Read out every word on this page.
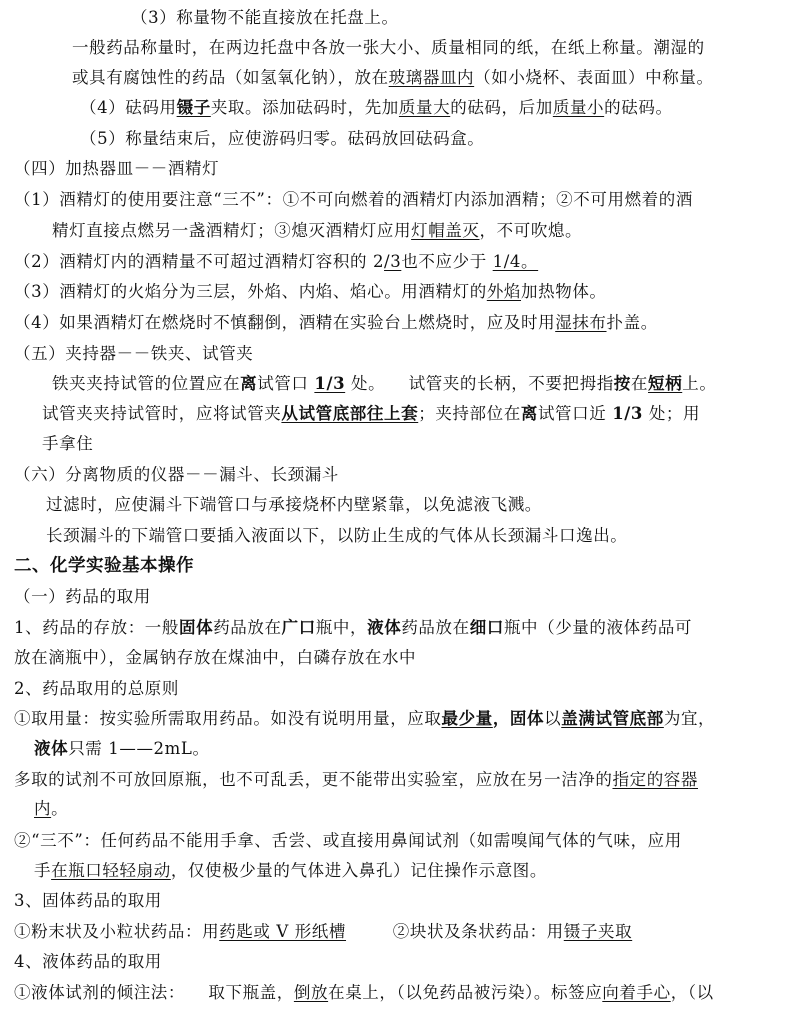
（3）称量物不能直接放在托盘上。
一般药品称量时，在两边托盘中各放一张大小、质量相同的纸，在纸上称量。潮湿的
或具有腐蚀性的药品（如氢氧化钠），放在玻璃器皿内（如小烧杯、表面皿）中称量。
（4）砝码用镊子夹取。添加砝码时，先加质量大的砝码，后加质量小的砝码。
（5）称量结束后，应使游码归零。砝码放回砝码盒。
（四）加热器皿－－酒精灯
（1）酒精灯的使用要注意“三不”：①不可向燃着的酒精灯内添加酒精；②不可用燃着的酒
精灯直接点燃另一盏酒精灯；③熄灭酒精灯应用灯帽盖灭，不可吹熄。
（2）酒精灯内的酒精量不可超过酒精灯容积的 2/3也不应少于 1/4。
（3）酒精灯的火焰分为三层，外焰、内焰、焰心。用酒精灯的外焰加热物体。
（4）如果酒精灯在燃烧时不慎翻倒，酒精在实验台上燃烧时，应及时用湿抹布扑盖。
（五）夹持器－－铁夹、试管夹
铁夹夹持试管的位置应在离试管口 1/3 处。    试管夹的长柄，不要把拇指按在短柄上。
试管夹夹持试管时，应将试管夹从试管底部往上套；夹持部位在离试管口近 1/3 处；用
手拿住
（六）分离物质的仪器－－漏斗、长颈漏斗
过滤时，应使漏斗下端管口与承接烧杯内壁紧靠，以免滤液飞溅。
长颈漏斗的下端管口要插入液面以下，以防止生成的气体从长颈漏斗口逸出。
二、化学实验基本操作
（一）药品的取用
1、药品的存放：一般固体药品放在广口瓶中，液体药品放在细口瓶中（少量的液体药品可
放在滴瓶中），金属钠存放在煤油中，白磷存放在水中
2、药品取用的总原则
①取用量：按实验所需取用药品。如没有说明用量，应取最少量，固体以盖满试管底部为宜，
液体只需 1——2mL。
多取的试剂不可放回原瓶，也不可乱丢，更不能带出实验室，应放在另一洁净的指定的容器
内。
②“三不”：任何药品不能用手拿、舌尝、或直接用鼻闻试剂（如需嗅闻气体的气味，应用
手在瓶口轻轻扇动，仅使极少量的气体进入鼻孔）记住操作示意图。
3、固体药品的取用
①粉末状及小粒状药品：用药匙或 V 形纸槽        ②块状及条状药品：用镊子夹取
4、液体药品的取用
①液体试剂的倾注法：    取下瓶盖，倒放在桌上，（以免药品被污染）。标签应向着手心，（以
